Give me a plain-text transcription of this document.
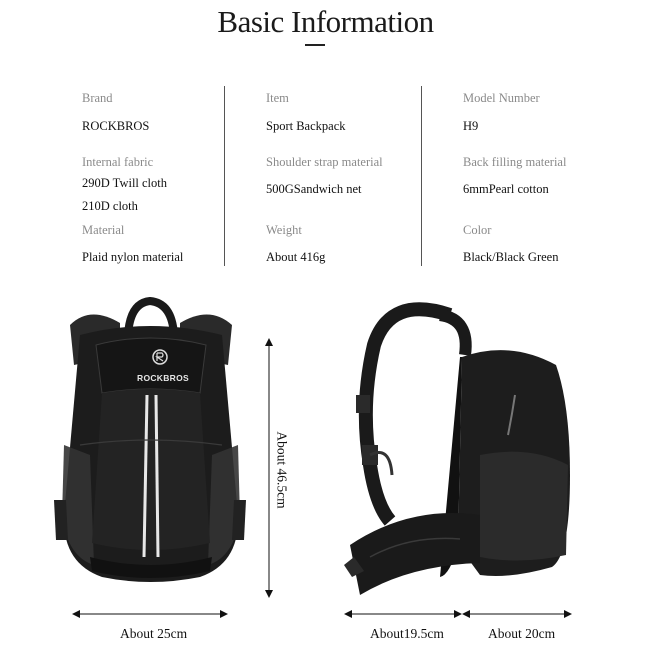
Basic Information
Brand
ROCKBROS
Item
Sport Backpack
Model Number
H9
Internal fabric
290D Twill cloth
210D cloth
Shoulder strap material
500GSandwich net
Back filling material
6mmPearl cotton
Material
Plaid nylon material
Weight
About 416g
Color
Black/Black Green
ROCKBROS
About 46.5cm
About 25cm	About19.5cm	About 20cm
